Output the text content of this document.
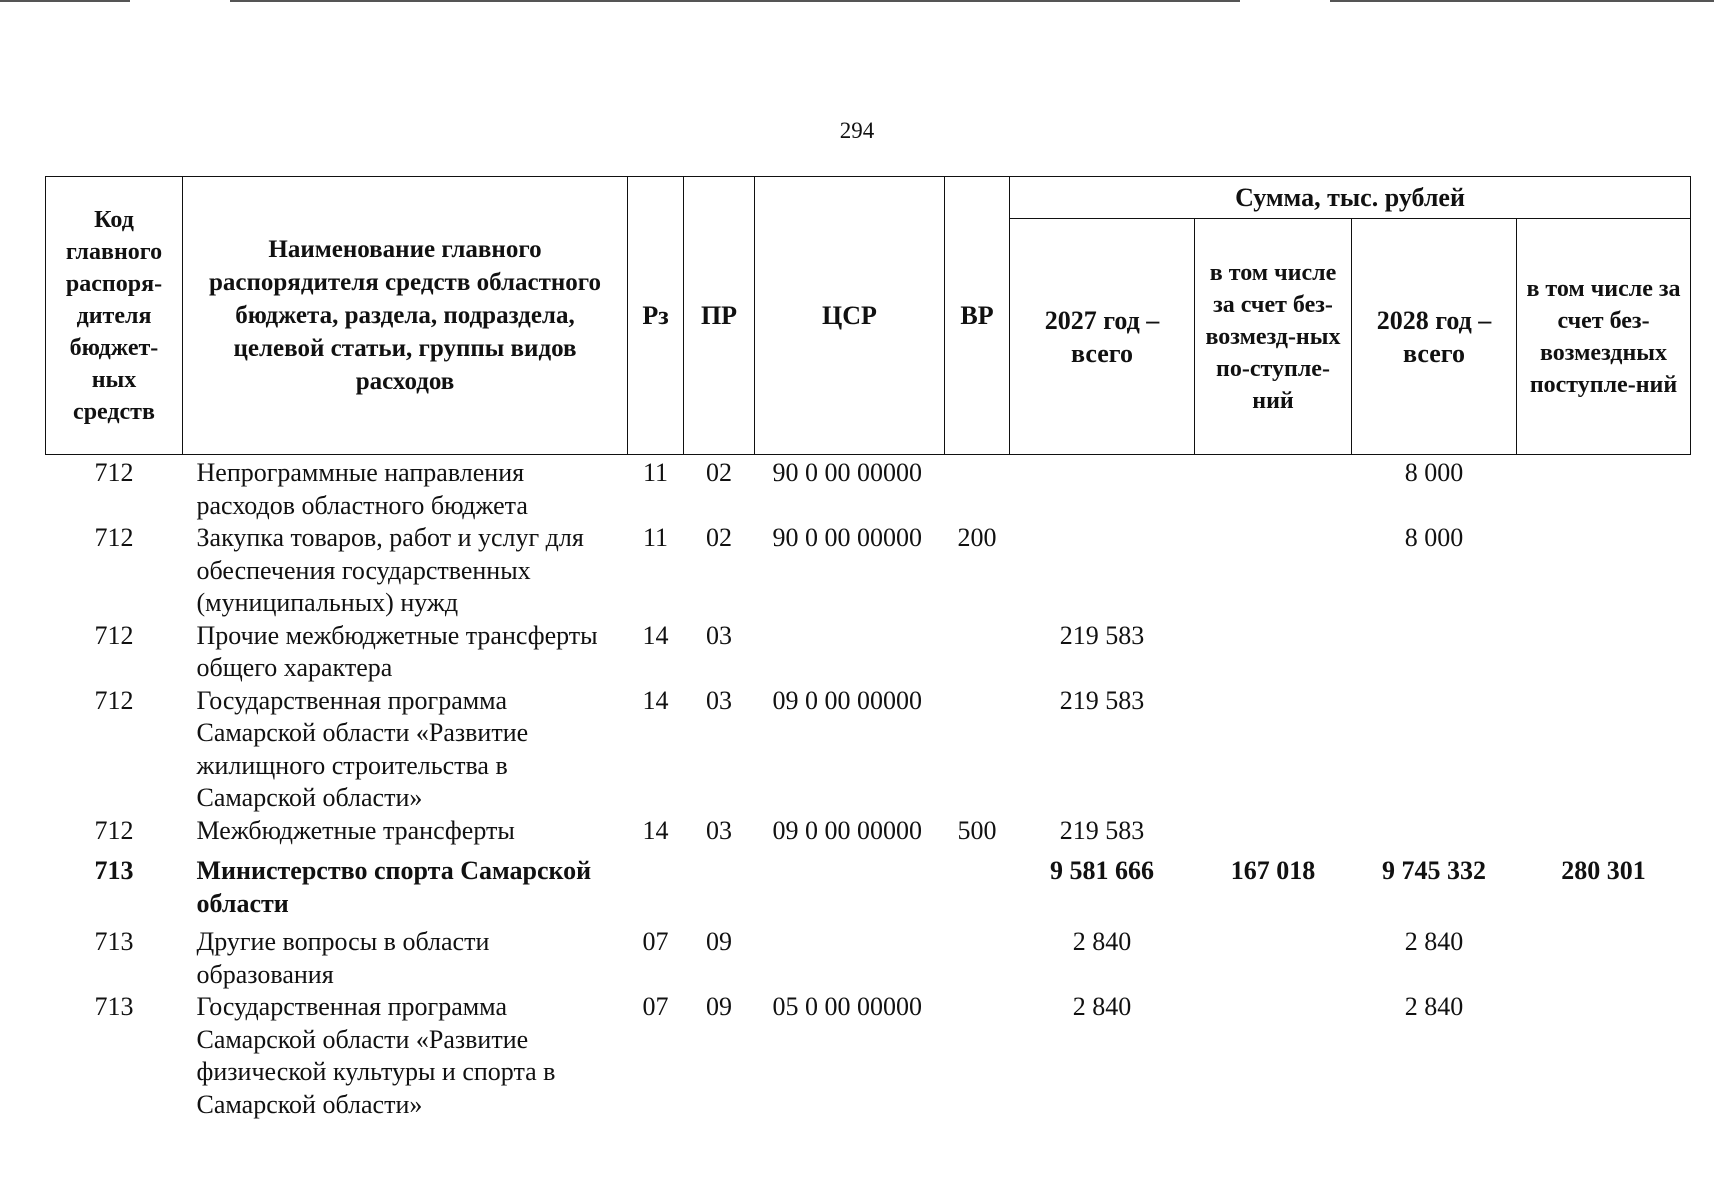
294
Код главного распоря-дителя бюджет-ных средств	Наименование главного распорядителя средств областного бюджета, раздела, подраздела, целевой статьи, группы видов расходов	Рз	ПР	ЦСР	ВР	Сумма, тыс. рублей			
						2027 год – всего	в том числе за счет без-возмезд-ных по-ступле-ний	2028 год – всего	в том числе за счет без-возмездных поступле-ний
712	Непрограммные направления расходов областного бюджета	11	02	90 0 00 00000				8 000	
712	Закупка товаров, работ и услуг для обеспечения государственных (муниципальных) нужд	11	02	90 0 00 00000	200			8 000	
712	Прочие межбюджетные трансферты общего характера	14	03			219 583			
712	Государственная программа Самарской области «Развитие жилищного строительства в Самарской области»	14	03	09 0 00 00000		219 583			
712	Межбюджетные трансферты	14	03	09 0 00 00000	500	219 583			
713	Министерство спорта Самарской области					9 581 666	167 018	9 745 332	280 301
713	Другие вопросы в области образования	07	09			2 840		2 840	
713	Государственная программа Самарской области «Развитие физической культуры и спорта в Самарской области»	07	09	05 0 00 00000		2 840		2 840	
